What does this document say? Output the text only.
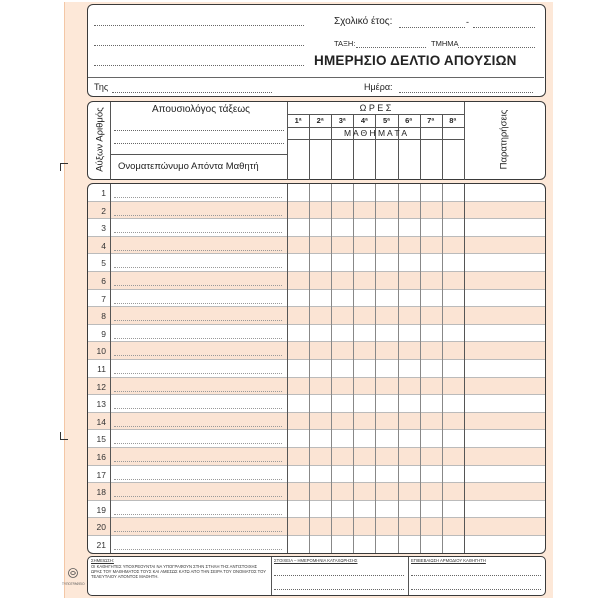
Σχολικό έτος:	-
ΤΑΞΗ:	ΤΜΗΜΑ
ΗΜΕΡΗΣΙΟ ΔΕΛΤΙΟ ΑΠΟΥΣΙΩΝ
Της	Ημέρα:
Αύξων Αριθμός	Απουσιολόγος τάξεως
Ονοματεπώνυμο Απόντα Μαθητή
Ω Ρ Ε Σ
1ª	2ª	3ª	4ª	5ª	6ª	7ª	8ª
Μ Α Θ Η Μ Α Τ Α	Παρατηρήσεις
1
2
3
4
5
6
7
8
9
10
11
12
13
14
15
16
17
18
19
20
21
ΣΗΜΕΙΩΣΗ:
ΟΙ ΚΑΘΗΓΗΤΕΣ ΥΠΟΧΡΕΟΥΝΤΑΙ ΝΑ ΥΠΟΓΡΑΦΟΥΝ ΣΤΗΝ ΣΤΗΛΗ ΤΗΣ ΑΝΤΙΣΤΟΙΧΗΣ ΩΡΑΣ ΤΟΥ ΜΑΘΗΜΑΤΟΣ ΤΟΥΣ ΚΑΙ ΑΜΕΣΩΣ ΚΑΤΩ ΑΠΟ ΤΗΝ ΣΕΙΡΑ ΤΟΥ ΟΝΟΜΑΤΟΣ ΤΟΥ ΤΕΛΕΥΤΑΙΟΥ ΑΠΟΝΤΟΣ ΜΑΘΗΤΗ.
ΣΤΟΙΧΕΙΑ – ΗΜΕΡΟΜΗΝΙΑ ΚΑΤΑΧΩΡΗΣΗΣ	ΕΠΙΒΕΒΑΙΩΣΗ ΑΡΜΟΔΙΟΥ ΚΑΘΗΓΗΤΗ
ΤΥΠΟΓΡΑΦΕΙΟ
